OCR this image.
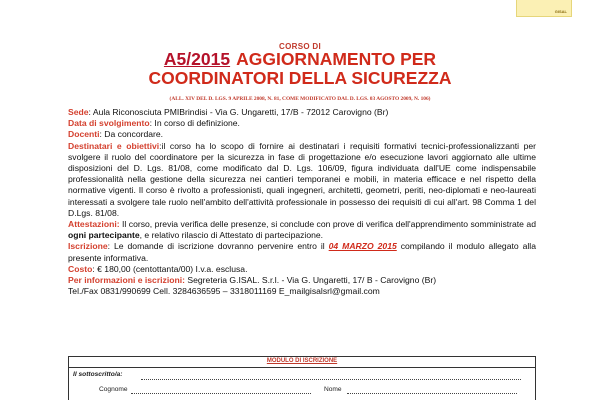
GISAL
CORSO DI
A5/2015 AGGIORNAMENTO PER
COORDINATORI DELLA SICUREZZA
(ALL. XIV DEL D. LGS. 9 APRILE 2008, N. 81, COME MODIFICATO DAL D. LGS. 03 AGOSTO 2009, N. 106)

Sede: Aula Riconosciuta PMIBrindisi - Via G. Ungaretti, 17/B - 72012 Carovigno (Br)

Data di svolgimento: In corso di definizione.

Docenti: Da concordare.

Destinatari e obiettivi:il corso ha lo scopo di fornire ai destinatari i requisiti formativi tecnici-professionalizzanti per svolgere il ruolo del coordinatore per la sicurezza in fase di progettazione e/o esecuzione lavori aggiornato alle ultime disposizioni del D. Lgs. 81/08, come modificato dal D. Lgs. 106/09, figura individuata dall'UE come indispensabile professionalità nella gestione della sicurezza nei cantieri temporanei e mobili, in materia efficace e nel rispetto della normative vigenti. Il corso è rivolto a professionisti, quali ingegneri, architetti, geometri, periti, neo-diplomati e neo-laureati interessati a svolgere tale ruolo nell'ambito dell'attività professionale in possesso dei requisiti di cui all'art. 98 Comma 1 del D.Lgs. 81/08.

Attestazioni: Il corso, previa verifica delle presenze, si conclude con prove di verifica dell'apprendimento somministrate ad ogni partecipante, e relativo rilascio di Attestato di partecipazione.

Iscrizione: Le domande di iscrizione dovranno pervenire entro il 04 MARZO 2015 compilando il modulo allegato alla presente informativa.

Costo: € 180,00 (centottanta/00) I.v.a. esclusa.

Per informazioni e iscrizioni: Segreteria G.ISAL. S.r.l. - Via G. Ungaretti, 17/ B - Carovigno (Br)

Tel./Fax 0831/990699 Cell. 3284636595 – 3318011169 E_mailgisalsrl@gmail.com

MODULO DI ISCRIZIONE
Il sottoscritto/a:
Cognome	Nome
